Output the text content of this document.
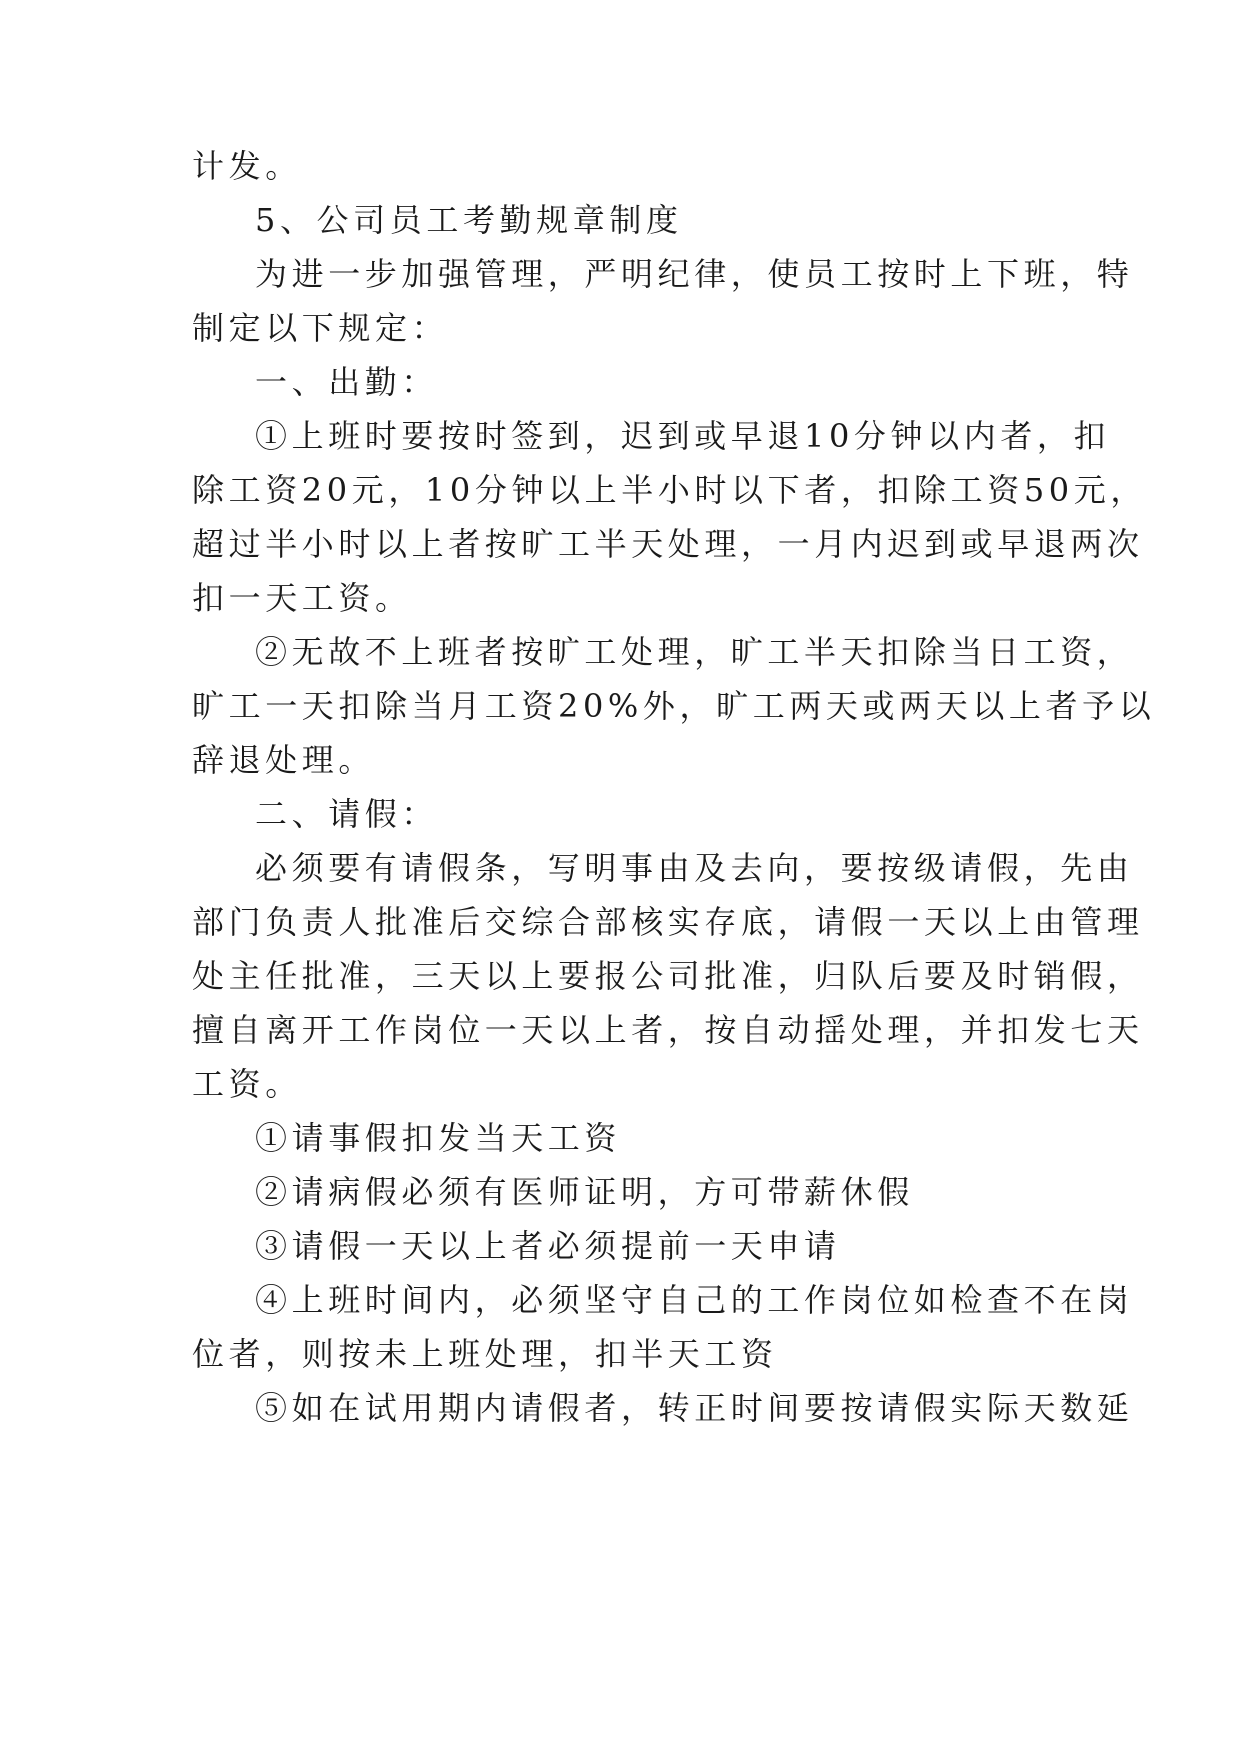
计发。

5、公司员工考勤规章制度

为进一步加强管理，严明纪律，使员工按时上下班，特

制定以下规定：

一、出勤：

①上班时要按时签到，迟到或早退10分钟以内者，扣

除工资20元，10分钟以上半小时以下者，扣除工资50元，

超过半小时以上者按旷工半天处理，一月内迟到或早退两次

扣一天工资。

②无故不上班者按旷工处理，旷工半天扣除当日工资，

旷工一天扣除当月工资20%外，旷工两天或两天以上者予以

辞退处理。

二、请假：

必须要有请假条，写明事由及去向，要按级请假，先由

部门负责人批准后交综合部核实存底，请假一天以上由管理

处主任批准，三天以上要报公司批准，归队后要及时销假，

擅自离开工作岗位一天以上者，按自动揺处理，并扣发七天

工资。

①请事假扣发当天工资

②请病假必须有医师证明，方可带薪休假

③请假一天以上者必须提前一天申请

④上班时间内，必须坚守自己的工作岗位如检查不在岗

位者，则按未上班处理，扣半天工资

⑤如在试用期内请假者，转正时间要按请假实际天数延
